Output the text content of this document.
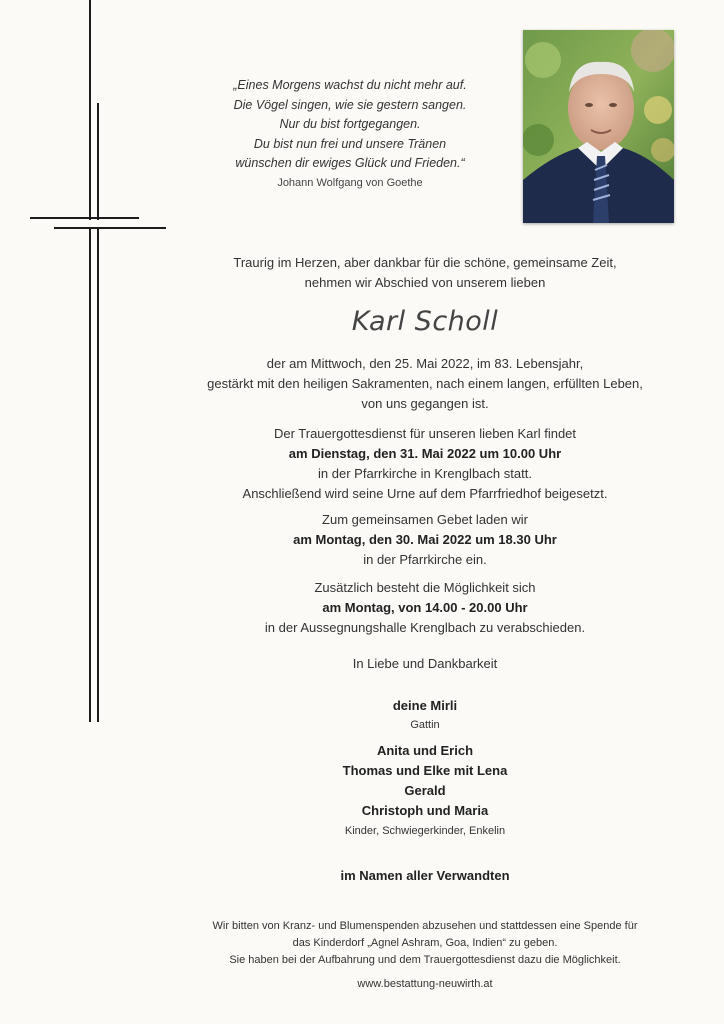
„Eines Morgens wachst du nicht mehr auf.
Die Vögel singen, wie sie gestern sangen.
Nur du bist fortgegangen.
Du bist nun frei und unsere Tränen
wünschen dir ewiges Glück und Frieden.“
Johann Wolfgang von Goethe
Traurig im Herzen, aber dankbar für die schöne, gemeinsame Zeit,
nehmen wir Abschied von unserem lieben
Karl Scholl
der am Mittwoch, den 25. Mai 2022, im 83. Lebensjahr,
gestärkt mit den heiligen Sakramenten, nach einem langen, erfüllten Leben,
von uns gegangen ist.
Der Trauergottesdienst für unseren lieben Karl findet
am Dienstag, den 31. Mai 2022 um 10.00 Uhr
in der Pfarrkirche in Krenglbach statt.
Anschließend wird seine Urne auf dem Pfarrfriedhof beigesetzt.
Zum gemeinsamen Gebet laden wir
am Montag, den 30. Mai 2022 um 18.30 Uhr
in der Pfarrkirche ein.
Zusätzlich besteht die Möglichkeit sich
am Montag, von 14.00 - 20.00 Uhr
in der Aussegnungshalle Krenglbach zu verabschieden.
In Liebe und Dankbarkeit
deine Mirli
Gattin
Anita und Erich
Thomas und Elke mit Lena
Gerald
Christoph und Maria
Kinder, Schwiegerkinder, Enkelin
im Namen aller Verwandten
Wir bitten von Kranz- und Blumenspenden abzusehen und stattdessen eine Spende für
das Kinderdorf „Agnel Ashram, Goa, Indien“ zu geben.
Sie haben bei der Aufbahrung und dem Trauergottesdienst dazu die Möglichkeit.
www.bestattung-neuwirth.at
